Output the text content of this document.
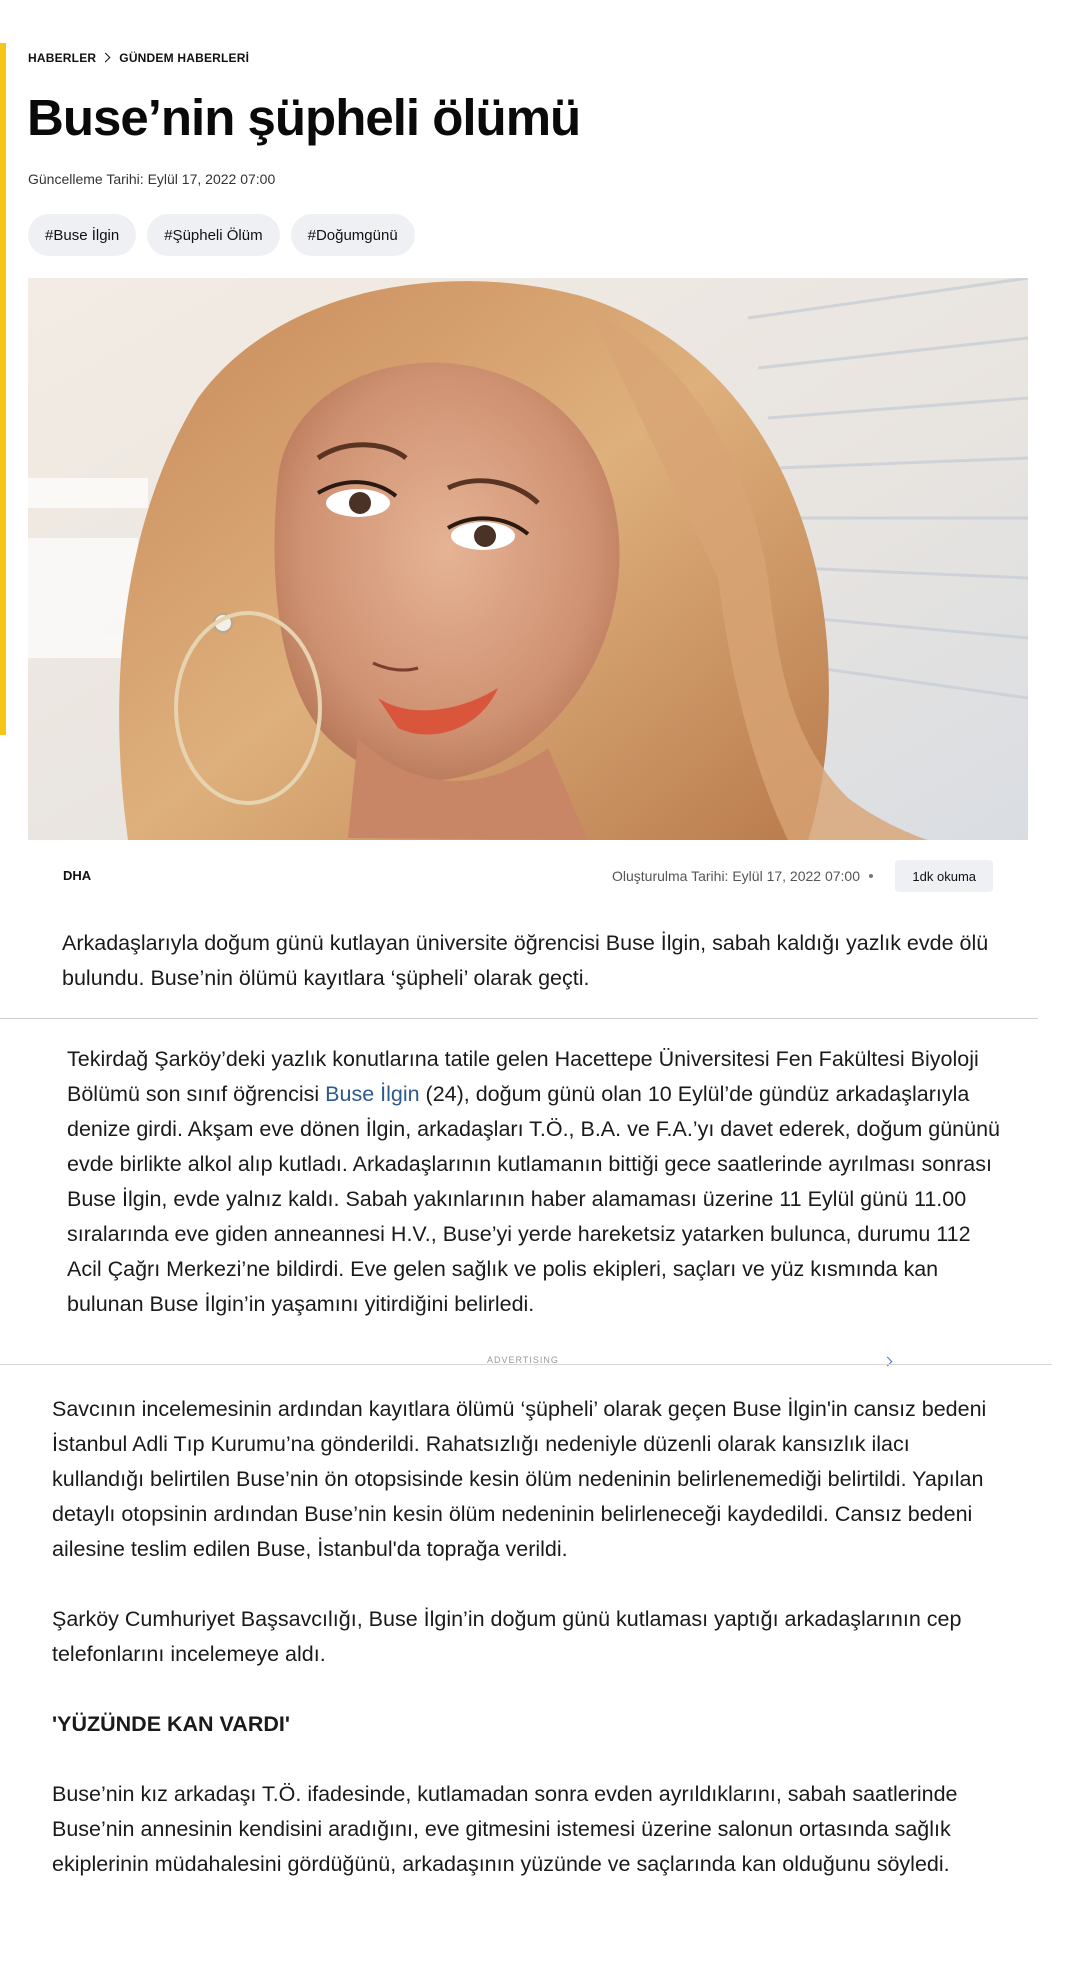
HABERLER GÜNDEM HABERLERİ
Buse’nin şüpheli ölümü
Güncelleme Tarihi: Eylül 17, 2022 07:00
#Buse İlgin	#Şüpheli Ölüm	#Doğumgünü
DHA	Oluşturulma Tarihi: Eylül 17, 2022 07:00	1dk okuma

Arkadaşlarıyla doğum günü kutlayan üniversite öğrencisi Buse İlgin, sabah kaldığı yazlık evde ölü bulundu. Buse’nin ölümü kayıtlara ‘şüpheli’ olarak geçti.

Tekirdağ Şarköy’deki yazlık konutlarına tatile gelen Hacettepe Üniversitesi Fen Fakültesi Biyoloji Bölümü son sınıf öğrencisi Buse İlgin (24), doğum günü olan 10 Eylül’de gündüz arkadaşlarıyla denize girdi. Akşam eve dönen İlgin, arkadaşları T.Ö., B.A. ve F.A.’yı davet ederek, doğum gününü evde birlikte alkol alıp kutladı. Arkadaşlarının kutlamanın bittiği gece saatlerinde ayrılması sonrası Buse İlgin, evde yalnız kaldı. Sabah yakınlarının haber alamaması üzerine 11 Eylül günü 11.00 sıralarında eve giden anneannesi H.V., Buse’yi yerde hareketsiz yatarken bulunca, durumu 112 Acil Çağrı Merkezi’ne bildirdi. Eve gelen sağlık ve polis ekipleri, saçları ve yüz kısmında kan bulunan Buse İlgin’in yaşamını yitirdiğini belirledi.

ADVERTISING

Savcının incelemesinin ardından kayıtlara ölümü ‘şüpheli’ olarak geçen Buse İlgin'in cansız bedeni İstanbul Adli Tıp Kurumu’na gönderildi. Rahatsızlığı nedeniyle düzenli olarak kansızlık ilacı kullandığı belirtilen Buse’nin ön otopsisinde kesin ölüm nedeninin belirlenemediği belirtildi. Yapılan detaylı otopsinin ardından Buse’nin kesin ölüm nedeninin belirleneceği kaydedildi. Cansız bedeni ailesine teslim edilen Buse, İstanbul'da toprağa verildi.

Şarköy Cumhuriyet Başsavcılığı, Buse İlgin’in doğum günü kutlaması yaptığı arkadaşlarının cep telefonlarını incelemeye aldı.

'YÜZÜNDE KAN VARDI'

Buse’nin kız arkadaşı T.Ö. ifadesinde, kutlamadan sonra evden ayrıldıklarını, sabah saatlerinde Buse’nin annesinin kendisini aradığını, eve gitmesini istemesi üzerine salonun ortasında sağlık ekiplerinin müdahalesini gördüğünü, arkadaşının yüzünde ve saçlarında kan olduğunu söyledi.
